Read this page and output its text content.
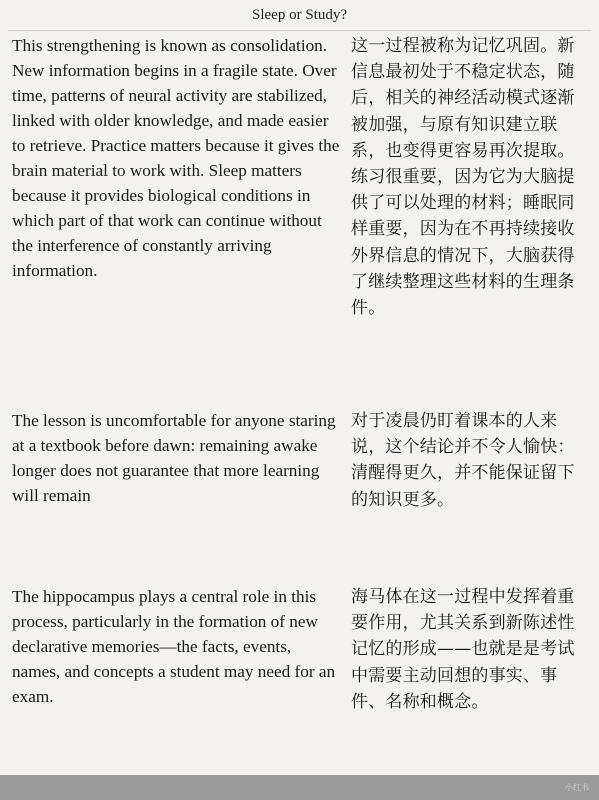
Sleep or Study?
This strengthening is known as consolidation. New information begins in a fragile state. Over time, patterns of neural activity are stabilized, linked with older knowledge, and made easier to retrieve. Practice matters because it gives the brain material to work with. Sleep matters because it provides biological conditions in which part of that work can continue without the interference of constantly arriving information.
这一过程被称为记忆巩固。新信息最初处于不稳定状态，随后，相关的神经活动模式逐渐被加强，与原有知识建立联系，也变得更容易再次提取。练习很重要，因为它为大脑提供了可以处理的材料；睡眠同样重要，因为在不再持续接收外界信息的情况下，大脑获得了继续整理这些材料的生理条件。
The lesson is uncomfortable for anyone staring at a textbook before dawn: remaining awake longer does not guarantee that more learning will remain
对于凌晨仍盯着课本的人来说，这个结论并不令人愉快：清醒得更久，并不能保证留下的知识更多。
The hippocampus plays a central role in this process, particularly in the formation of new declarative memories—the facts, events, names, and concepts a student may need for an exam.
海马体在这一过程中发挥着重要作用，尤其关系到新陈述性记忆的形成——也就是是考试中需要主动回想的事实、事件、名称和概念。
小红书
